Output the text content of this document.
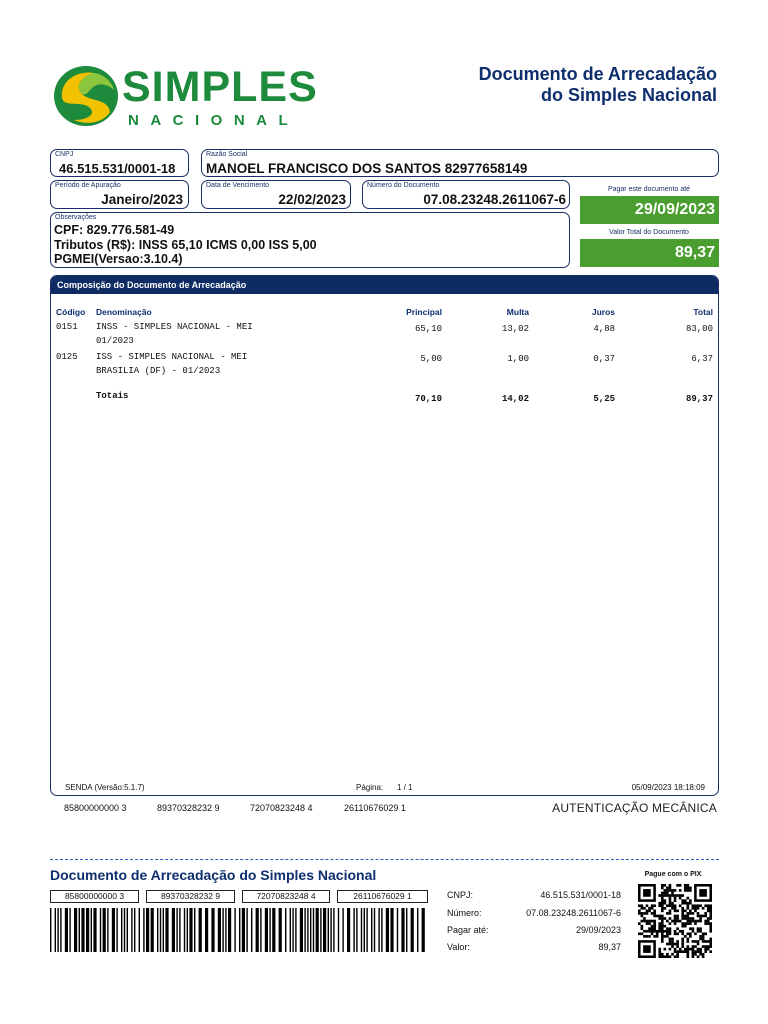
SIMPLES
NACIONAL
Documento de Arrecadação
do Simples Nacional
CNPJ
46.515.531/0001-18
Razão Social
MANOEL FRANCISCO DOS SANTOS 82977658149
Período de Apuração
Janeiro/2023
Data de Vencimento
22/02/2023
Número do Documento
07.08.23248.2611067-6
Pagar este documento até
29/09/2023
Observações
CPF: 829.776.581-49
Tributos (R$): INSS 65,10 ICMS 0,00 ISS 5,00
PGMEI(Versao:3.10.4)
Valor Total do Documento
89,37
Composição do Documento de Arrecadação
Código Denominação	Principal	Multa	Juros	Total
0151 INSS - SIMPLES NACIONAL - MEI
01/2023
65,10	13,02	4,88	83,00
0125 ISS - SIMPLES NACIONAL - MEI
BRASILIA (DF) - 01/2023
5,00	1,00	0,37	6,37
Totais	70,10	14,02	5,25	89,37
SENDA (Versão:5.1.7)	Página: 1 / 1	05/09/2023 18:18:09
85800000000 3	89370328232 9	72070823248 4	26110676029 1	AUTENTICAÇÃO MECÂNICA
Documento de Arrecadação do Simples Nacional
85800000000 3	89370328232 9	72070823248 4	26110676029 1	CNPJ:	46.515.531/0001-18
Número:	07.08.23248.2611067-6
Pagar até:	29/09/2023
Valor:	89,37
Pague com o PIX
